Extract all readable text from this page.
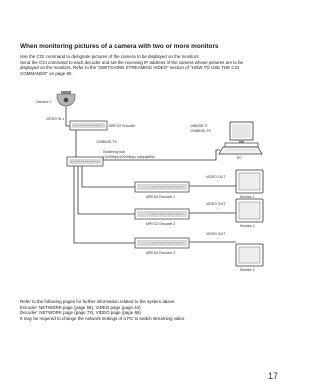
When monitoring pictures of a camera with two or more monitors
Use the CGI command to designate pictures of the camera to be displayed on the monitors.
Send the CGI command to each decoder and set the receiving IP address of the camera whose pictures are to be
displayed on the monitors. Refer to the "SWITCHING STREAMING VIDEO" section of "HOW TO USE THE CGI
COMMANDS" on page 90.
Camera 1
VIDEO IN 1
MPEG2 Encoder
100BASE-TX
10BASE-T/
100BASE-TX
PC
Switching hub
(100Mbps/1000Mbps compatible)
VIDEO OUT
↓
VIDEO OUT
↓
VIDEO OUT
↓
MPEG2 Decoder 1
MPEG2 Decoder 2
MPEG2 Decoder 3
Monitor 1
Monitor 2
Monitor 3
Refer to the following pages for further information related to the system above.
Encoder: NETWORK page (page 56), VIDEO page (page 44)
Decoder: NETWORK page (page 73), VIDEO page (page 69)
It may be required to change the network settings of a PC to switch streaming video.
17
